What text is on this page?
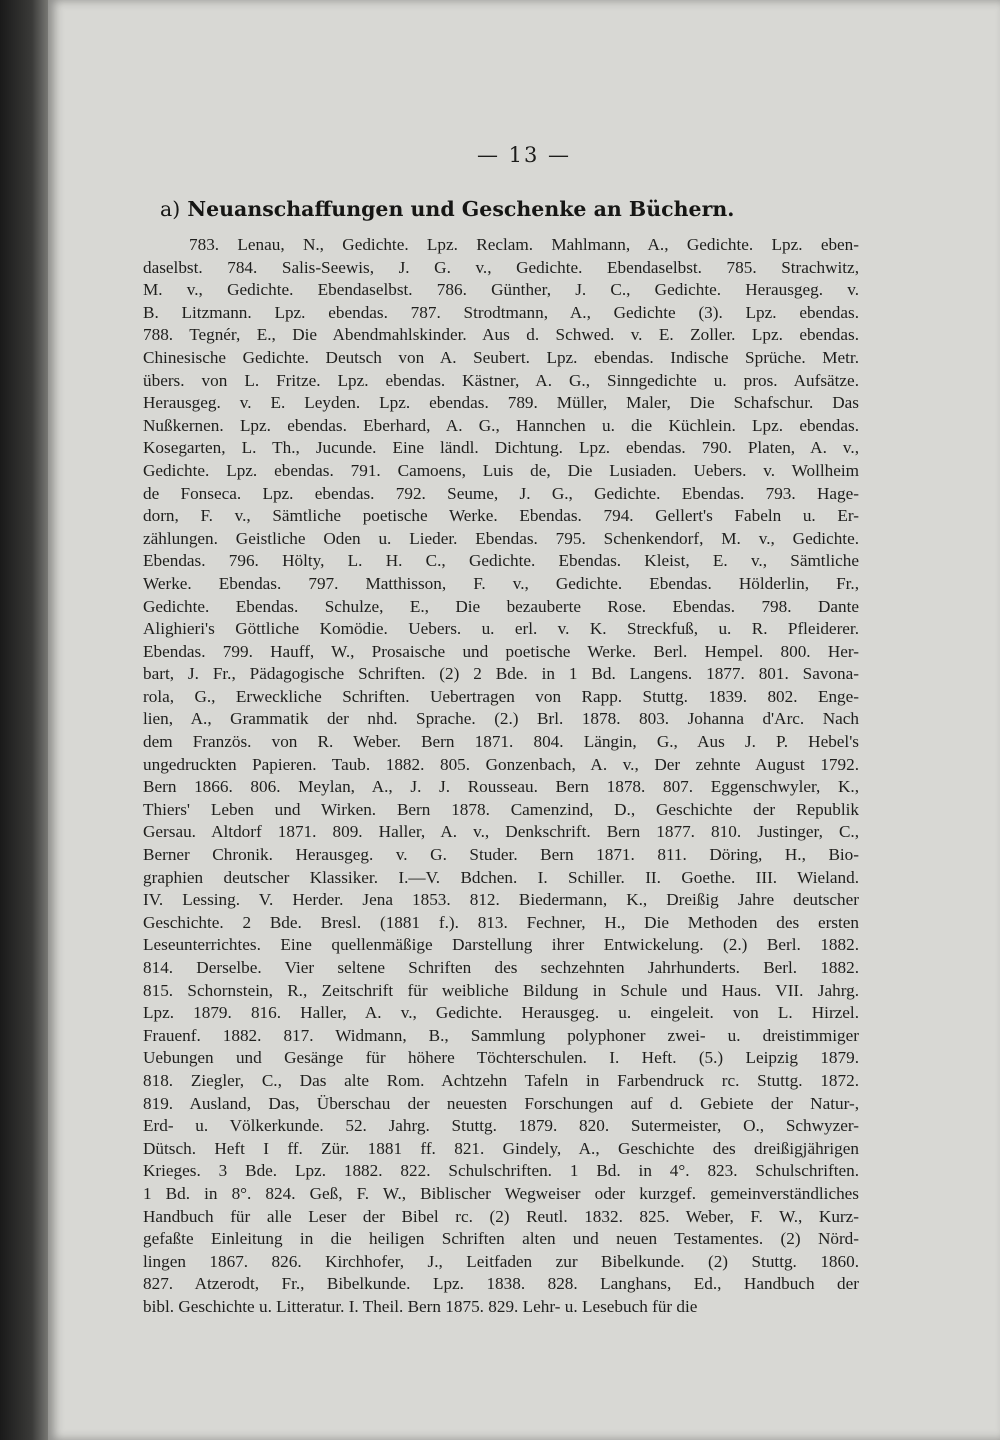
— 13 —
a) Neuanschaffungen und Geschenke an Büchern.
783. Lenau, N., Gedichte. Lpz. Reclam. Mahlmann, A., Gedichte. Lpz. eben-
daselbst. 784. Salis-Seewis, J. G. v., Gedichte. Ebendaselbst. 785. Strachwitz,
M. v., Gedichte. Ebendaselbst. 786. Günther, J. C., Gedichte. Herausgeg. v.
B. Litzmann. Lpz. ebendas. 787. Strodtmann, A., Gedichte (3). Lpz. ebendas.
788. Tegnér, E., Die Abendmahlskinder. Aus d. Schwed. v. E. Zoller. Lpz. ebendas.
Chinesische Gedichte. Deutsch von A. Seubert. Lpz. ebendas. Indische Sprüche. Metr.
übers. von L. Fritze. Lpz. ebendas. Kästner, A. G., Sinngedichte u. pros. Aufsätze.
Herausgeg. v. E. Leyden. Lpz. ebendas. 789. Müller, Maler, Die Schafschur. Das
Nußkernen. Lpz. ebendas. Eberhard, A. G., Hannchen u. die Küchlein. Lpz. ebendas.
Kosegarten, L. Th., Jucunde. Eine ländl. Dichtung. Lpz. ebendas. 790. Platen, A. v.,
Gedichte. Lpz. ebendas. 791. Camoens, Luis de, Die Lusiaden. Uebers. v. Wollheim
de Fonseca. Lpz. ebendas. 792. Seume, J. G., Gedichte. Ebendas. 793. Hage-
dorn, F. v., Sämtliche poetische Werke. Ebendas. 794. Gellert's Fabeln u. Er-
zählungen. Geistliche Oden u. Lieder. Ebendas. 795. Schenkendorf, M. v., Gedichte.
Ebendas. 796. Hölty, L. H. C., Gedichte. Ebendas. Kleist, E. v., Sämtliche
Werke. Ebendas. 797. Matthisson, F. v., Gedichte. Ebendas. Hölderlin, Fr.,
Gedichte. Ebendas. Schulze, E., Die bezauberte Rose. Ebendas. 798. Dante
Alighieri's Göttliche Komödie. Uebers. u. erl. v. K. Streckfuß, u. R. Pfleiderer.
Ebendas. 799. Hauff, W., Prosaische und poetische Werke. Berl. Hempel. 800. Her-
bart, J. Fr., Pädagogische Schriften. (2) 2 Bde. in 1 Bd. Langens. 1877. 801. Savona-
rola, G., Erweckliche Schriften. Uebertragen von Rapp. Stuttg. 1839. 802. Enge-
lien, A., Grammatik der nhd. Sprache. (2.) Brl. 1878. 803. Johanna d'Arc. Nach
dem Französ. von R. Weber. Bern 1871. 804. Längin, G., Aus J. P. Hebel's
ungedruckten Papieren. Taub. 1882. 805. Gonzenbach, A. v., Der zehnte August 1792.
Bern 1866. 806. Meylan, A., J. J. Rousseau. Bern 1878. 807. Eggenschwyler, K.,
Thiers' Leben und Wirken. Bern 1878. Camenzind, D., Geschichte der Republik
Gersau. Altdorf 1871. 809. Haller, A. v., Denkschrift. Bern 1877. 810. Justinger, C.,
Berner Chronik. Herausgeg. v. G. Studer. Bern 1871. 811. Döring, H., Bio-
graphien deutscher Klassiker. I.—V. Bdchen. I. Schiller. II. Goethe. III. Wieland.
IV. Lessing. V. Herder. Jena 1853. 812. Biedermann, K., Dreißig Jahre deutscher
Geschichte. 2 Bde. Bresl. (1881 f.). 813. Fechner, H., Die Methoden des ersten
Leseunterrichtes. Eine quellenmäßige Darstellung ihrer Entwickelung. (2.) Berl. 1882.
814. Derselbe. Vier seltene Schriften des sechzehnten Jahrhunderts. Berl. 1882.
815. Schornstein, R., Zeitschrift für weibliche Bildung in Schule und Haus. VII. Jahrg.
Lpz. 1879. 816. Haller, A. v., Gedichte. Herausgeg. u. eingeleit. von L. Hirzel.
Frauenf. 1882. 817. Widmann, B., Sammlung polyphoner zwei- u. dreistimmiger
Uebungen und Gesänge für höhere Töchterschulen. I. Heft. (5.) Leipzig 1879.
818. Ziegler, C., Das alte Rom. Achtzehn Tafeln in Farbendruck rc. Stuttg. 1872.
819. Ausland, Das, Überschau der neuesten Forschungen auf d. Gebiete der Natur-,
Erd- u. Völkerkunde. 52. Jahrg. Stuttg. 1879. 820. Sutermeister, O., Schwyzer-
Dütsch. Heft I ff. Zür. 1881 ff. 821. Gindely, A., Geschichte des dreißigjährigen
Krieges. 3 Bde. Lpz. 1882. 822. Schulschriften. 1 Bd. in 4°. 823. Schulschriften.
1 Bd. in 8°. 824. Geß, F. W., Biblischer Wegweiser oder kurzgef. gemeinverständliches
Handbuch für alle Leser der Bibel rc. (2) Reutl. 1832. 825. Weber, F. W., Kurz-
gefaßte Einleitung in die heiligen Schriften alten und neuen Testamentes. (2) Nörd-
lingen 1867. 826. Kirchhofer, J., Leitfaden zur Bibelkunde. (2) Stuttg. 1860.
827. Atzerodt, Fr., Bibelkunde. Lpz. 1838. 828. Langhans, Ed., Handbuch der
bibl. Geschichte u. Litteratur. I. Theil. Bern 1875. 829. Lehr- u. Lesebuch für die
